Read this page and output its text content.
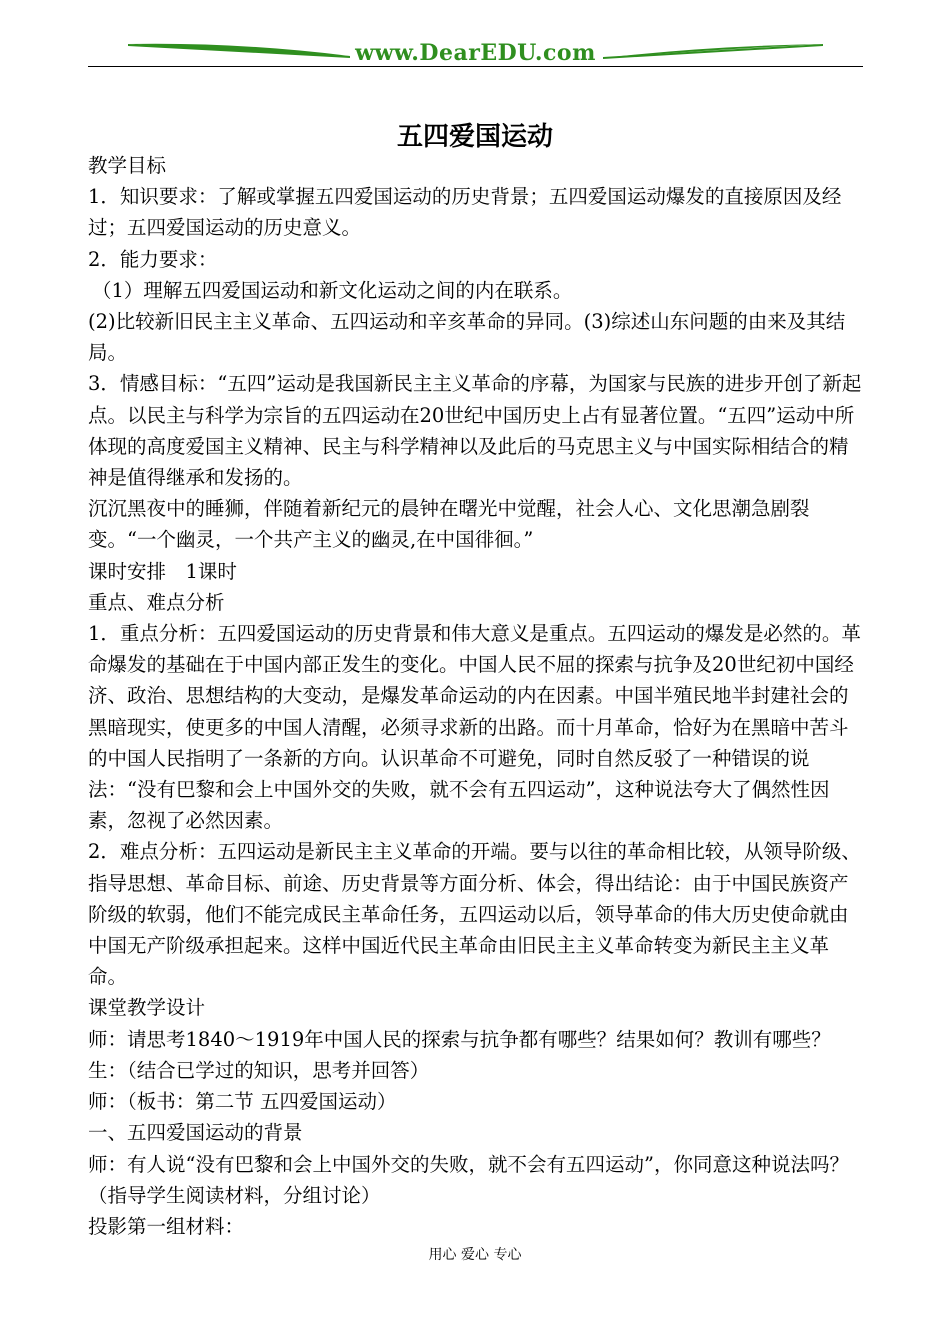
www.DearEDU.com
五四爱国运动

教学目标

1．知识要求：了解或掌握五四爱国运动的历史背景；五四爱国运动爆发的直接原因及经过；五四爱国运动的历史意义。

2．能力要求：

（1）理解五四爱国运动和新文化运动之间的内在联系。

(2)比较新旧民主主义革命、五四运动和辛亥革命的异同。(3)综述山东问题的由来及其结局。

3．情感目标：“五四”运动是我国新民主主义革命的序幕，为国家与民族的进步开创了新起点。以民主与科学为宗旨的五四运动在20世纪中国历史上占有显著位置。“五四”运动中所体现的高度爱国主义精神、民主与科学精神以及此后的马克思主义与中国实际相结合的精神是值得继承和发扬的。

沉沉黑夜中的睡狮，伴随着新纪元的晨钟在曙光中觉醒，社会人心、文化思潮急剧裂变。“一个幽灵，一个共产主义的幽灵,在中国徘徊。”

课时安排　1课时

重点、难点分析

1．重点分析：五四爱国运动的历史背景和伟大意义是重点。五四运动的爆发是必然的。革命爆发的基础在于中国内部正发生的变化。中国人民不屈的探索与抗争及20世纪初中国经济、政治、思想结构的大变动，是爆发革命运动的内在因素。中国半殖民地半封建社会的黑暗现实，使更多的中国人清醒，必须寻求新的出路。而十月革命，恰好为在黑暗中苦斗的中国人民指明了一条新的方向。认识革命不可避免，同时自然反驳了一种错误的说法：“没有巴黎和会上中国外交的失败，就不会有五四运动”，这种说法夸大了偶然性因素，忽视了必然因素。

2．难点分析：五四运动是新民主主义革命的开端。要与以往的革命相比较，从领导阶级、指导思想、革命目标、前途、历史背景等方面分析、体会，得出结论：由于中国民族资产阶级的软弱，他们不能完成民主革命任务，五四运动以后，领导革命的伟大历史使命就由中国无产阶级承担起来。这样中国近代民主革命由旧民主主义革命转变为新民主主义革命。

课堂教学设计

师：请思考1840～1919年中国人民的探索与抗争都有哪些？结果如何？教训有哪些？

生：（结合已学过的知识，思考并回答）

师：（板书：第二节 五四爱国运动）

一、五四爱国运动的背景

师：有人说“没有巴黎和会上中国外交的失败，就不会有五四运动”，你同意这种说法吗？（指导学生阅读材料，分组讨论）

投影第一组材料：

用心 爱心 专心
